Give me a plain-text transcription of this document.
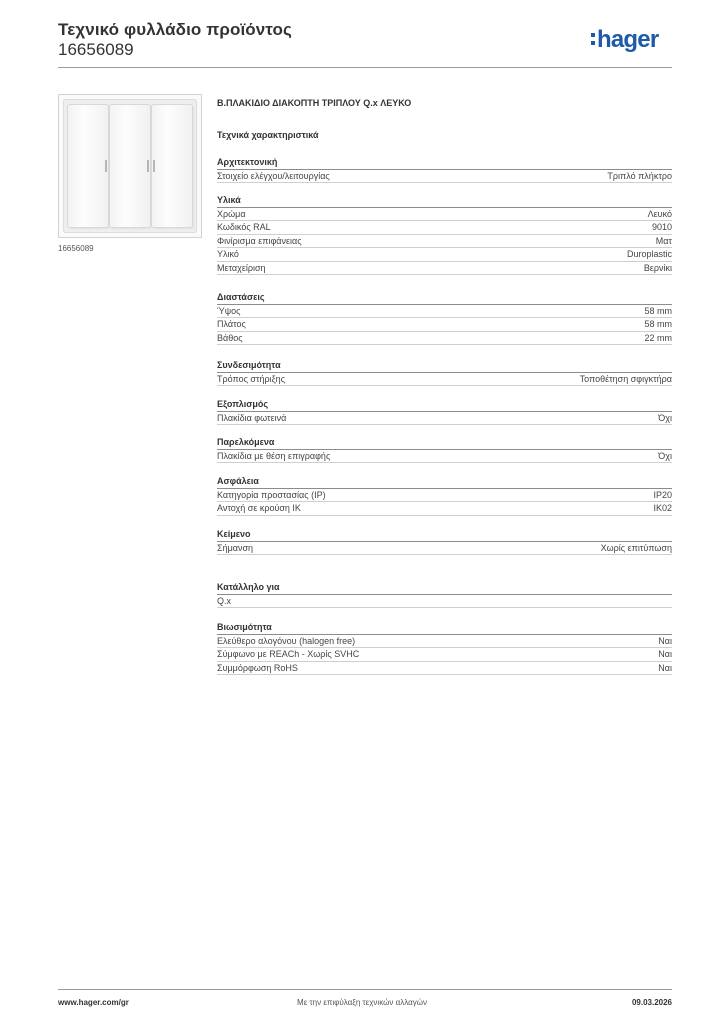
Τεχνικό φυλλάδιο προϊόντος
16656089	hager
16656089
Β.ΠΛΑΚΙΔΙΟ ΔΙΑΚΟΠΤΗ ΤΡΙΠΛΟΥ Q.x ΛΕΥΚΟ
Τεχνικά χαρακτηριστικά
Αρχιτεκτονική
Στοιχείο ελέγχου/λειτουργίας	Τριπλό πλήκτρο
Υλικά
Χρώμα	Λευκό
Κωδικός RAL	9010
Φινίρισμα επιφάνειας	Ματ
Υλικό	Duroplastic
Μεταχείριση	Βερνίκι
Διαστάσεις
Ύψος	58 mm
Πλάτος	58 mm
Βάθος	22 mm
Συνδεσιμότητα
Τρόπος στήριξης	Τοποθέτηση σφιγκτήρα
Εξοπλισμός
Πλακίδια φωτεινά	Όχι
Παρελκόμενα
Πλακίδια με θέση επιγραφής	Όχι
Ασφάλεια
Κατηγορία προστασίας (IP)	IP20
Αντοχή σε κρούση IK	IK02
Κείμενο
Σήμανση	Χωρίς επιτύπωση
Κατάλληλο για
Q.x
Βιωσιμότητα
Ελεύθερο αλογόνου (halogen free)	Ναι
Σύμφωνο με REACh - Χωρίς SVHC	Ναι
Συμμόρφωση RoHS	Ναι
www.hager.com/gr	Με την επιφύλαξη τεχνικών αλλαγών	09.03.2026
